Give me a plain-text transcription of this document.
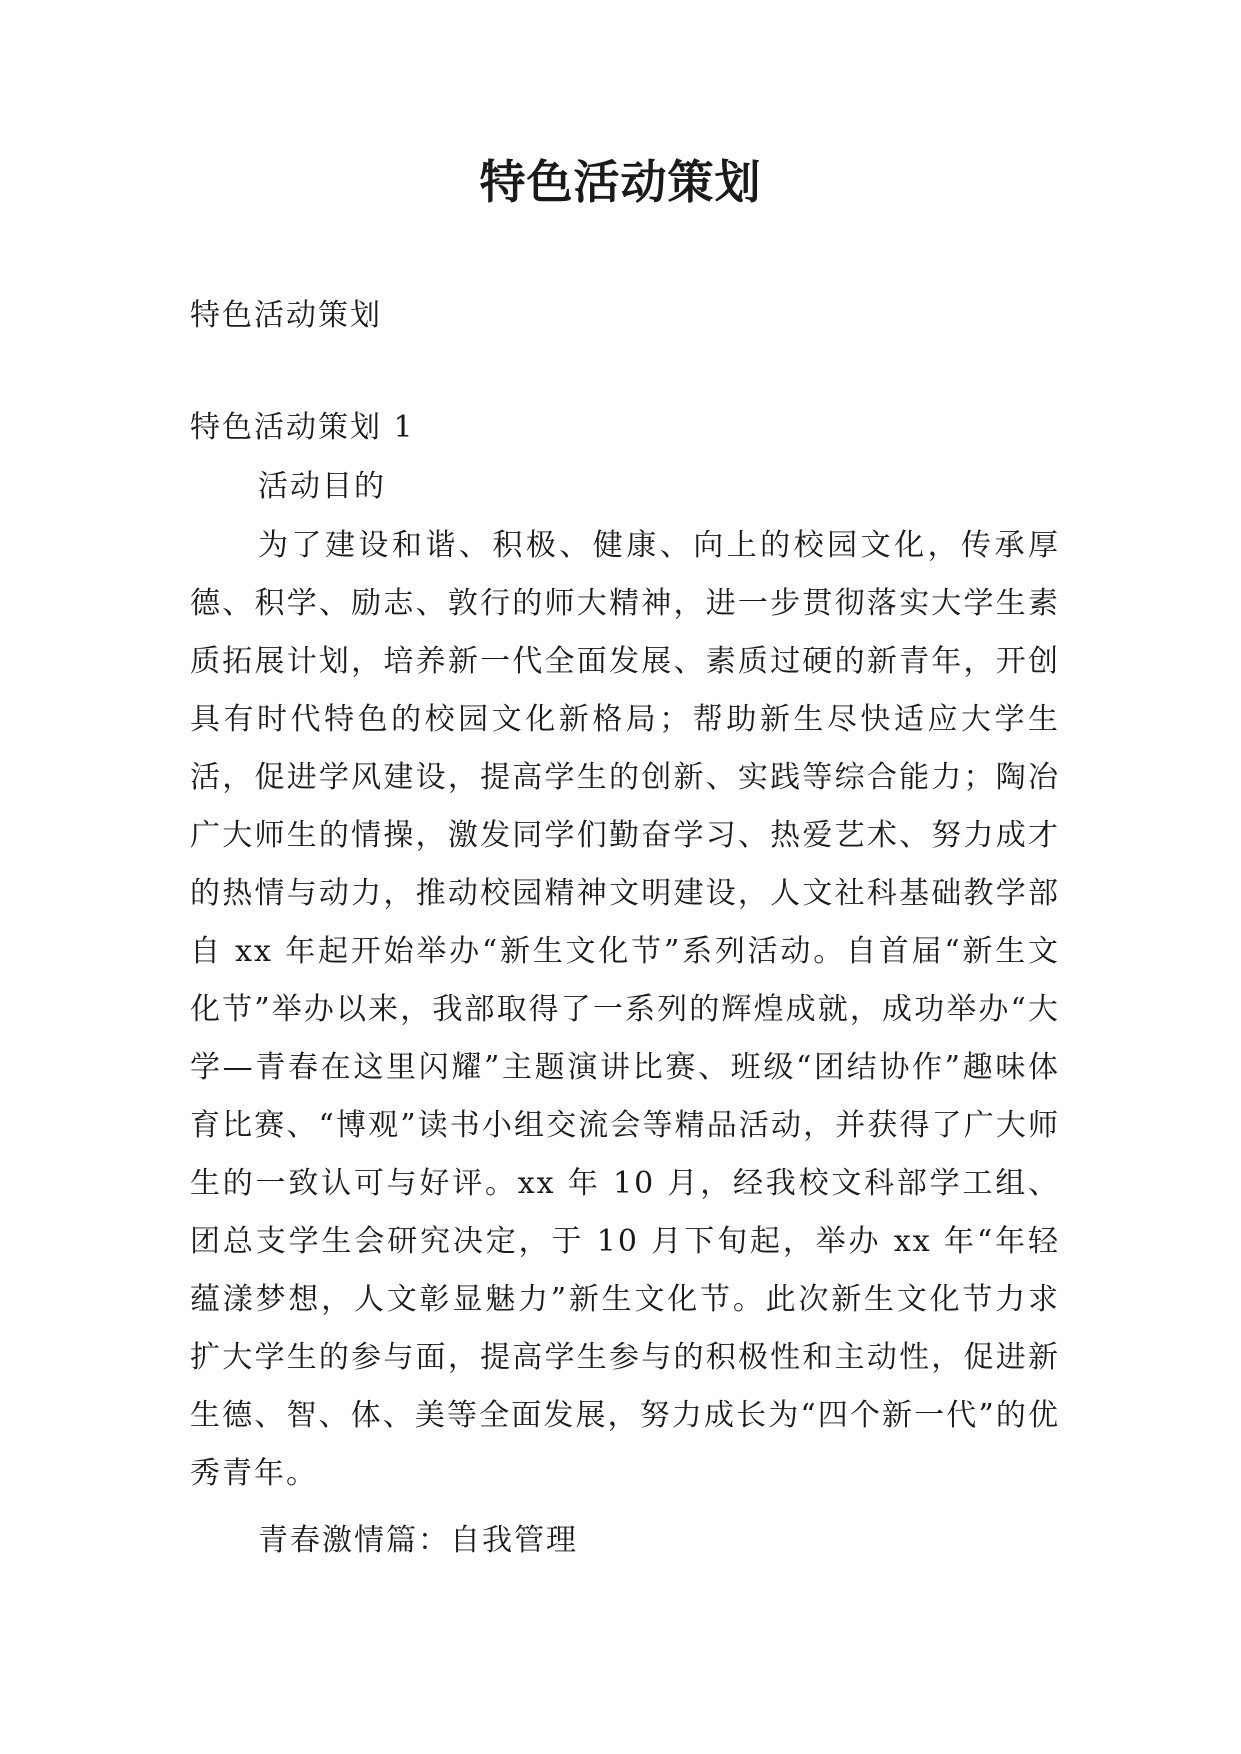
特色活动策划

特色活动策划

特色活动策划 1

活动目的

为了建设和谐、积极、健康、向上的校园文化，传承厚德、积学、励志、敦行的师大精神，进一步贯彻落实大学生素质拓展计划，培养新一代全面发展、素质过硬的新青年，开创具有时代特色的校园文化新格局；帮助新生尽快适应大学生活，促进学风建设，提高学生的创新、实践等综合能力；陶冶广大师生的情操，激发同学们勤奋学习、热爱艺术、努力成才的热情与动力，推动校园精神文明建设，人文社科基础教学部自 xx 年起开始举办“新生文化节”系列活动。自首届“新生文化节”举办以来，我部取得了一系列的辉煌成就，成功举办“大学—青春在这里闪耀”主题演讲比赛、班级“团结协作”趣味体育比赛、“博观”读书小组交流会等精品活动，并获得了广大师生的一致认可与好评。xx 年 10 月，经我校文科部学工组、团总支学生会研究决定，于 10 月下旬起，举办 xx 年“年轻蕴漾梦想，人文彰显魅力”新生文化节。此次新生文化节力求扩大学生的参与面，提高学生参与的积极性和主动性，促进新生德、智、体、美等全面发展，努力成长为“四个新一代”的优秀青年。

青春激情篇：自我管理
